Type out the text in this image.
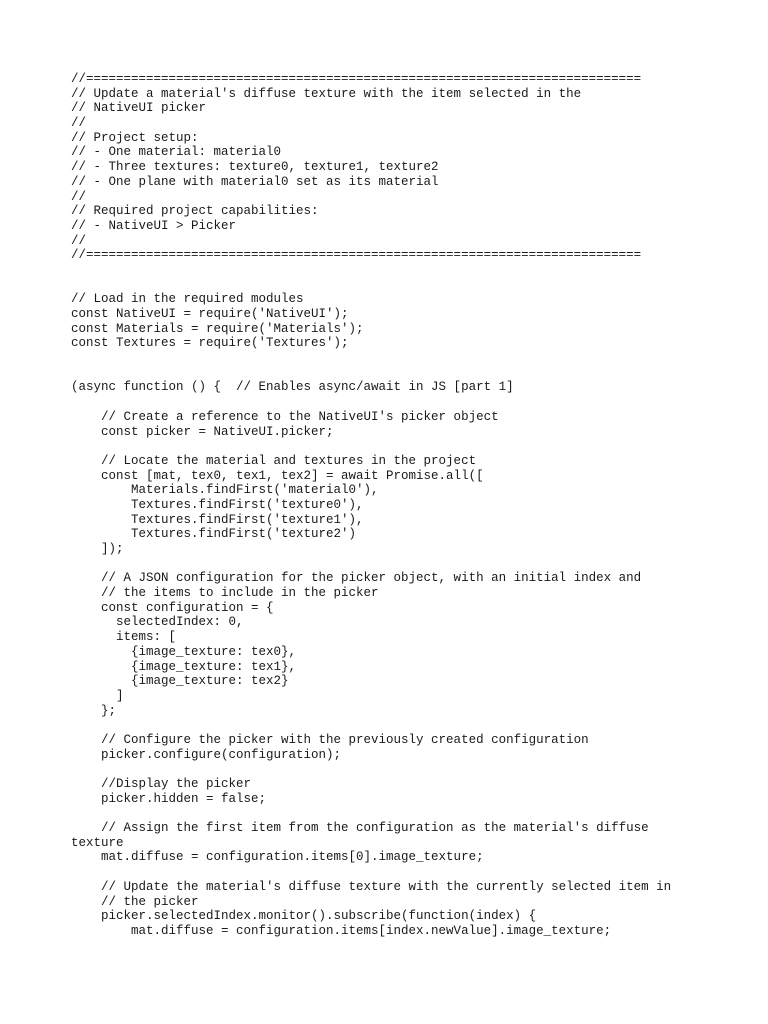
//==========================================================================
// Update a material's diffuse texture with the item selected in the
// NativeUI picker
//
// Project setup:
// - One material: material0
// - Three textures: texture0, texture1, texture2
// - One plane with material0 set as its material
//
// Required project capabilities:
// - NativeUI > Picker
//
//==========================================================================
// Load in the required modules
const NativeUI = require('NativeUI');
const Materials = require('Materials');
const Textures = require('Textures');
(async function () {  // Enables async/await in JS [part 1]
// Create a reference to the NativeUI's picker object
const picker = NativeUI.picker;
// Locate the material and textures in the project
const [mat, tex0, tex1, tex2] = await Promise.all([
Materials.findFirst('material0'),
Textures.findFirst('texture0'),
Textures.findFirst('texture1'),
Textures.findFirst('texture2')
]);
// A JSON configuration for the picker object, with an initial index and
// the items to include in the picker
const configuration = {
selectedIndex: 0,
items: [
{image_texture: tex0},
{image_texture: tex1},
{image_texture: tex2}
]
};
// Configure the picker with the previously created configuration
picker.configure(configuration);
//Display the picker
picker.hidden = false;
// Assign the first item from the configuration as the material's diffuse
texture
mat.diffuse = configuration.items[0].image_texture;
// Update the material's diffuse texture with the currently selected item in
// the picker
picker.selectedIndex.monitor().subscribe(function(index) {
mat.diffuse = configuration.items[index.newValue].image_texture;
